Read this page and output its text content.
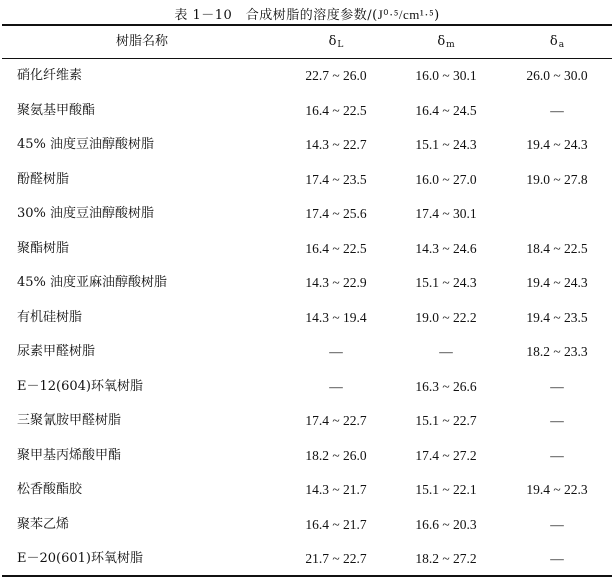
表 1－10　合成树脂的溶度参数/(J⁰·⁵/cm¹·⁵)
树脂名称	$\delta_L$	$\delta_m$	$\delta_a$
硝化纤维素	22.7 ~ 26.0	16.0 ~ 30.1	26.0 ~ 30.0
聚氨基甲酸酯	16.4 ~ 22.5	16.4 ~ 24.5	—
45% 油度豆油醇酸树脂	14.3 ~ 22.7	15.1 ~ 24.3	19.4 ~ 24.3
酚醛树脂	17.4 ~ 23.5	16.0 ~ 27.0	19.0 ~ 27.8
30% 油度豆油醇酸树脂	17.4 ~ 25.6	17.4 ~ 30.1
聚酯树脂	16.4 ~ 22.5	14.3 ~ 24.6	18.4 ~ 22.5
45% 油度亚麻油醇酸树脂	14.3 ~ 22.9	15.1 ~ 24.3	19.4 ~ 24.3
有机硅树脂	14.3 ~ 19.4	19.0 ~ 22.2	19.4 ~ 23.5
尿素甲醛树脂	—	—	18.2 ~ 23.3
E－12(604)环氧树脂	—	16.3 ~ 26.6	—
三聚氰胺甲醛树脂	17.4 ~ 22.7	15.1 ~ 22.7	—
聚甲基丙烯酸甲酯	18.2 ~ 26.0	17.4 ~ 27.2	—
松香酸酯胶	14.3 ~ 21.7	15.1 ~ 22.1	19.4 ~ 22.3
聚苯乙烯	16.4 ~ 21.7	16.6 ~ 20.3	—
E－20(601)环氧树脂	21.7 ~ 22.7	18.2 ~ 27.2	—
